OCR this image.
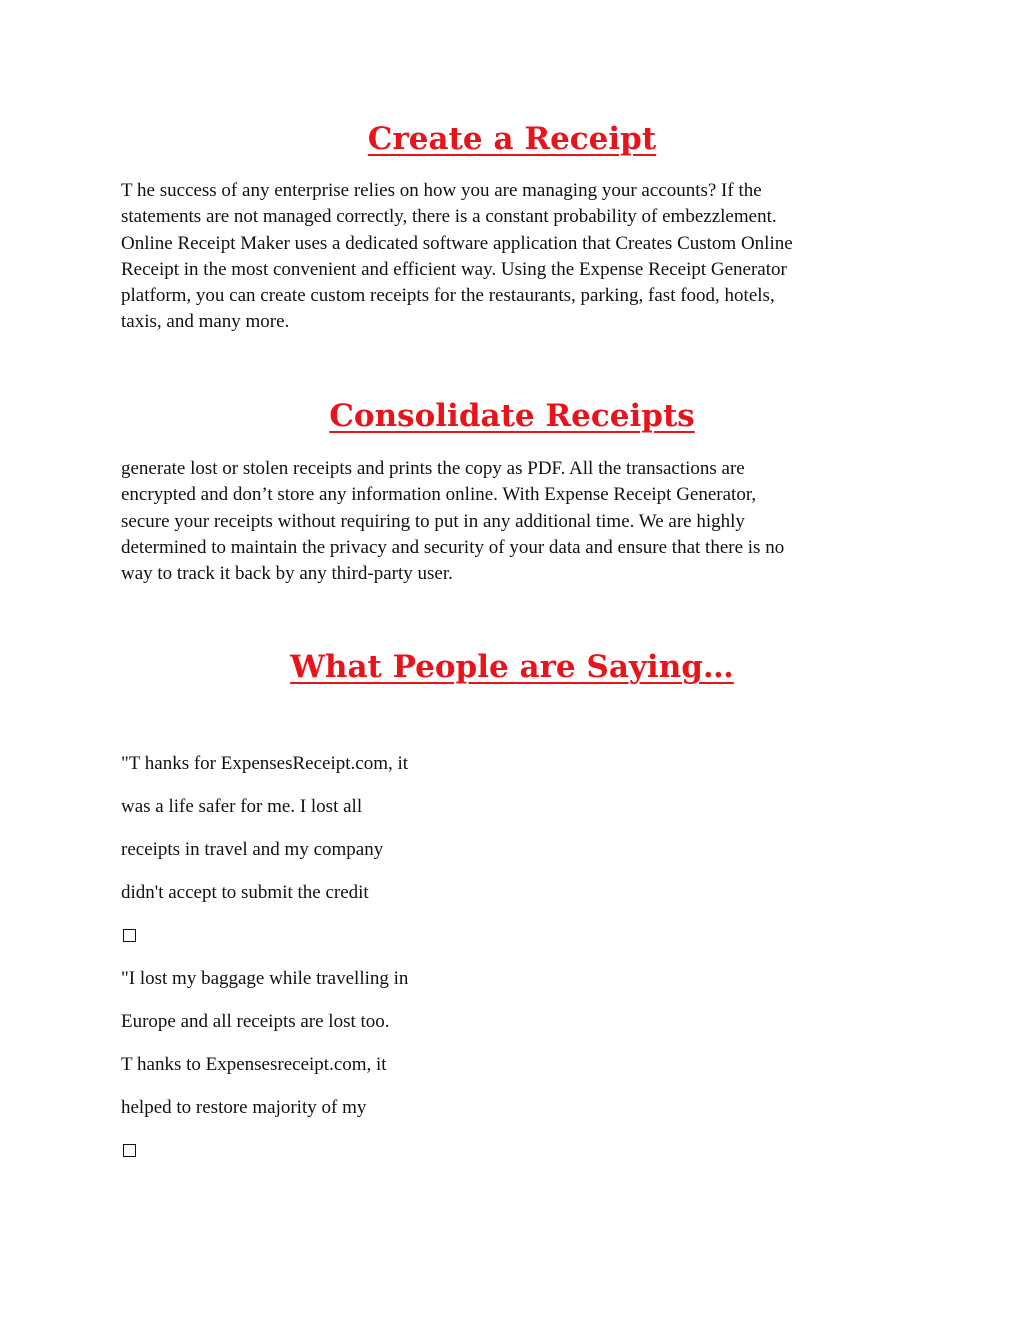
Create a Receipt

T he success of any enterprise relies on how you are managing your accounts? If the
statements are not managed correctly, there is a constant probability of embezzlement.
Online Receipt Maker uses a dedicated software application that Creates Custom Online
Receipt in the most convenient and efficient way. Using the Expense Receipt Generator
platform, you can create custom receipts for the restaurants, parking, fast food, hotels,
taxis, and many more.

Consolidate Receipts

generate lost or stolen receipts and prints the copy as PDF. All the transactions are
encrypted and don’t store any information online. With Expense Receipt Generator,
secure your receipts without requiring to put in any additional time. We are highly
determined to maintain the privacy and security of your data and ensure that there is no
way to track it back by any third-party user.

What People are Saying…

"T hanks for ExpensesReceipt.com, it

was a life safer for me. I lost all

receipts in travel and my company

didn't accept to submit the credit

"I lost my baggage while travelling in

Europe and all receipts are lost too.

T hanks to Expensesreceipt.com, it

helped to restore majority of my
